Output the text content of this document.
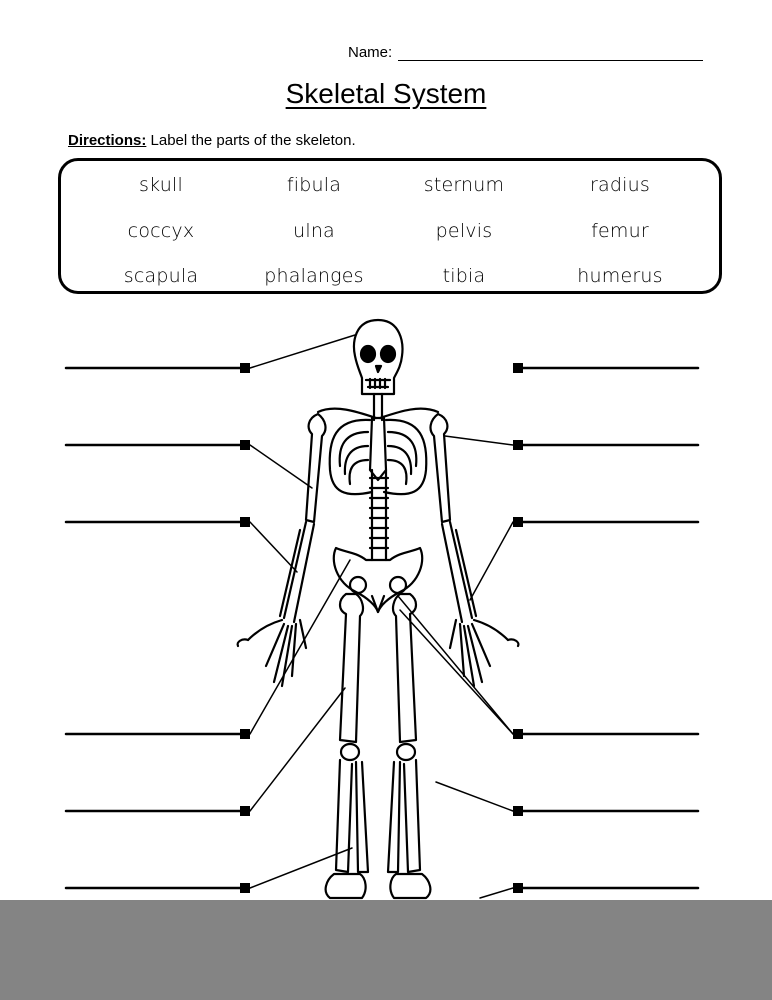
Name:
Skeletal System
Directions: Label the parts of the skeleton.
skull	fibula	sternum	radius
coccyx	ulna	pelvis	femur
scapula	phalanges	tibia	humerus
